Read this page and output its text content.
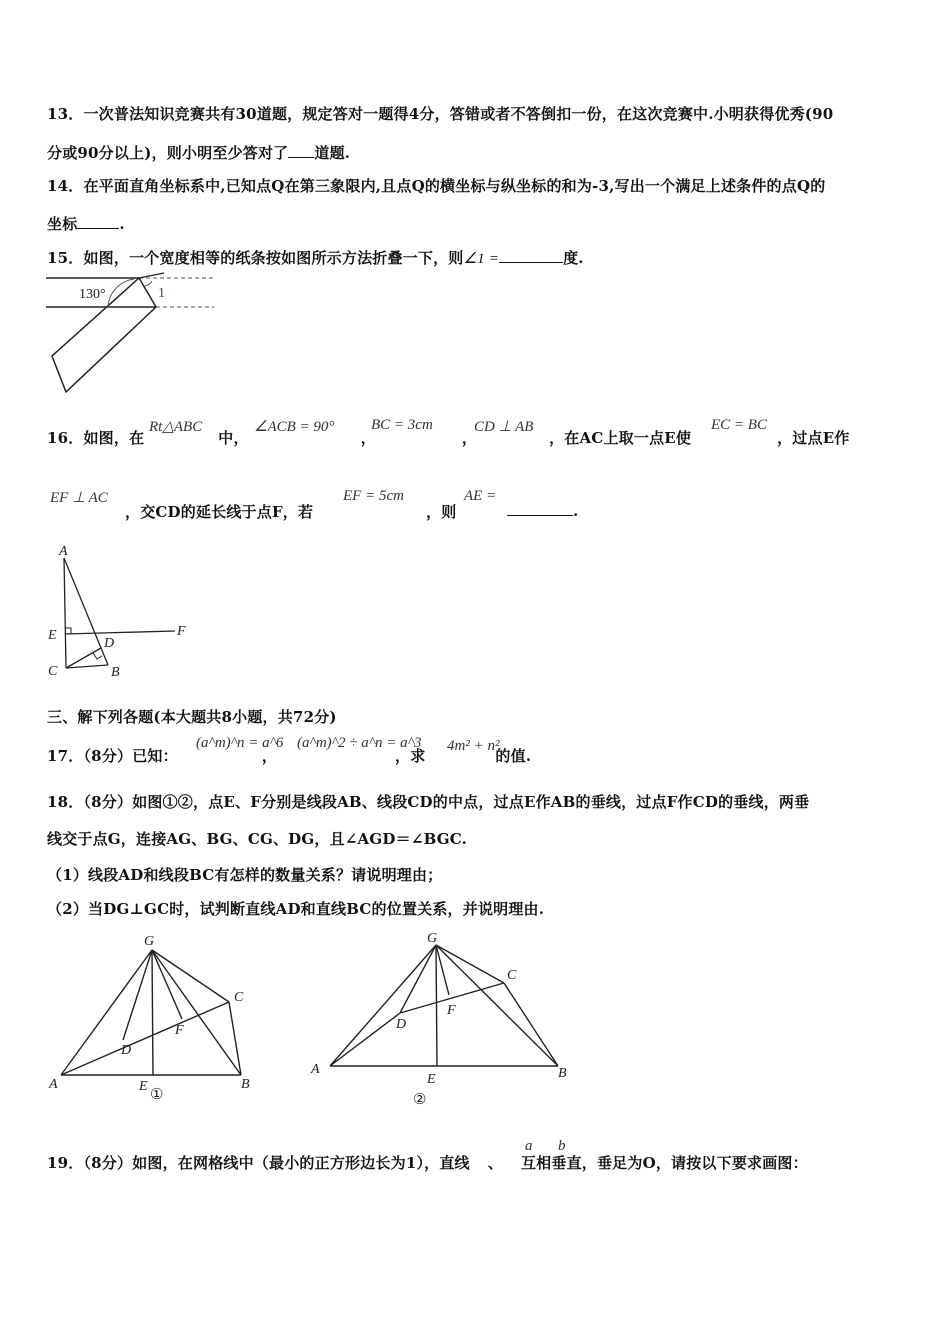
13．一次普法知识竞赛共有30道题，规定答对一题得4分，答错或者不答倒扣一份，在这次竞赛中.小明获得优秀(90
分或90分以上)，则小明至少答对了 道题.
14．在平面直角坐标系中,已知点Q在第三象限内,且点Q的横坐标与纵坐标的和为-3,写出一个满足上述条件的点Q的
坐标	.
15．如图，一个宽度相等的纸条按如图所示方法折叠一下，则∠1 =	度.
130°	1
16．如图，在	中，	，	，	，在AC上取一点E使	，过点E作
Rt△ABC	∠ACB = 90° BC = 3cm	CD ⊥ AB	EC = BC
EF ⊥ AC
，交CD的延长线于点F，若
EF = 5cm
，则
AE =
.
A
E
C
D
B
F
三、解下列各题(本大题共8小题，共72分)
17．（8分）已知：	，	，求	的值.
(a^m)^n = a^6 (a^m)^2 ÷ a^n = a^3 4m² + n²
18．（8分）如图①②，点E、F分别是线段AB、线段CD的中点，过点E作AB的垂线，过点F作CD的垂线，两垂
线交于点G，连接AG、BG、CG、DG，且∠AGD＝∠BGC.
（1）线段AD和线段BC有怎样的数量关系？请说明理由；
（2）当DG⊥GC时，试判断直线AD和直线BC的位置关系，并说明理由.
G
C
F
D
A	E	B
①
G
C
F
D
A
E	B
②
19．（8分）如图，在网格线中（最小的正方形边长为1），直线 、 互相垂直，垂足为O，请按以下要求画图：
a b
